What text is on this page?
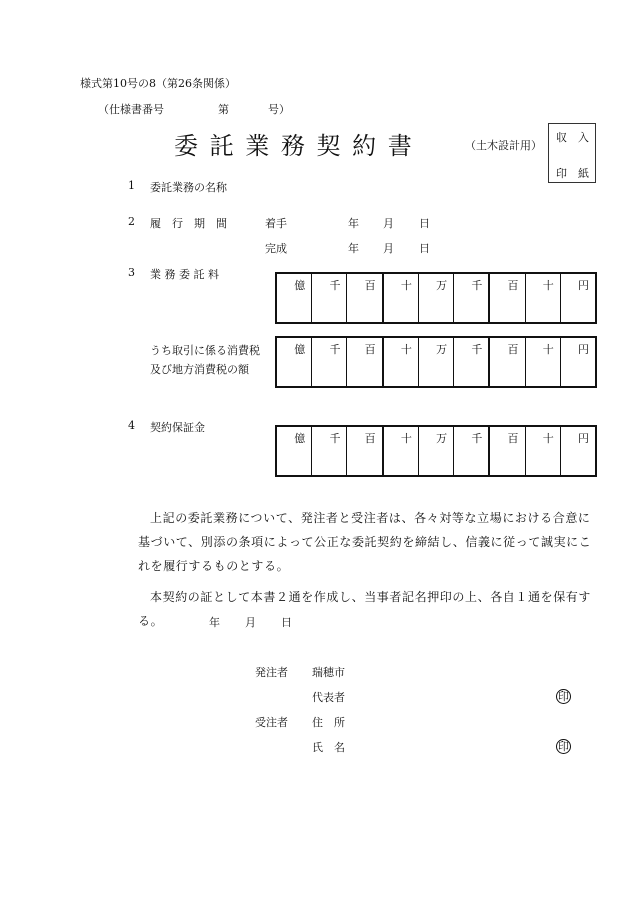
様式第10号の8（第26条関係）
（仕様書番号	第	号）
委 託 業 務 契 約 書	（土木設計用）
収　入
印　紙
1 委託業務の名称
2 履　行　期　間	着手	年 月 日
完成	年 月 日
3 業 務 委 託 料
億 千 百 十 万 千 百 十 円
うち取引に係る消費税
及び地方消費税の額
億 千 百 十 万 千 百 十 円
4 契約保証金
億 千 百 十 万 千 百 十 円
上記の委託業務について、発注者と受注者は、各々対等な立場における合意に基づいて、別添の条項によって公正な委託契約を締結し、信義に従って誠実にこれを履行するものとする。
本契約の証として本書２通を作成し、当事者記名押印の上、各自１通を保有する。	年 月 日
発注者 瑞穂市
代表者	印
受注者 住　所
氏　名	印
